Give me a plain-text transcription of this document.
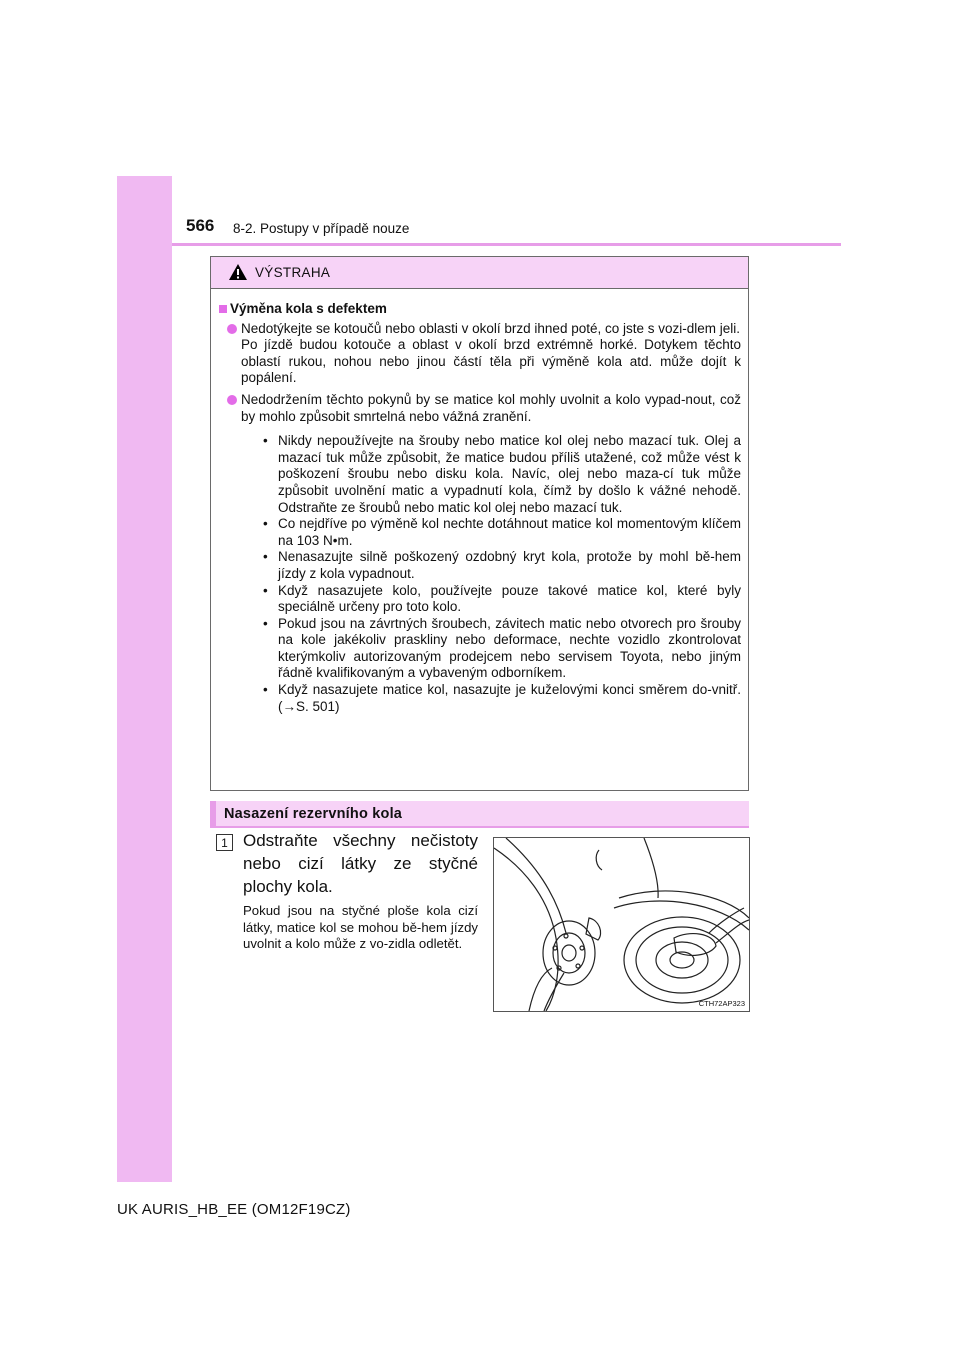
566 8-2. Postupy v případě nouze
VÝSTRAHA
Výměna kola s defektem
Nedotýkejte se kotoučů nebo oblasti v okolí brzd ihned poté, co jste s vozi-dlem jeli.
Po jízdě budou kotouče a oblast v okolí brzd extrémně horké. Dotykem těchto oblastí rukou, nohou nebo jinou částí těla při výměně kola atd. může dojít k popálení.
Nedodržením těchto pokynů by se matice kol mohly uvolnit a kolo vypad-nout, což by mohlo způsobit smrtelná nebo vážná zranění.
• Nikdy nepoužívejte na šrouby nebo matice kol olej nebo mazací tuk. Olej a mazací tuk může způsobit, že matice budou příliš utažené, což může vést k poškození šroubu nebo disku kola. Navíc, olej nebo maza-cí tuk může způsobit uvolnění matic a vypadnutí kola, čímž by došlo k vážné nehodě. Odstraňte ze šroubů nebo matic kol olej nebo mazací tuk.
• Co nejdříve po výměně kol nechte dotáhnout matice kol momentovým klíčem na 103 N•m.
• Nenasazujte silně poškozený ozdobný kryt kola, protože by mohl bě-hem jízdy z kola vypadnout.
• Když nasazujete kolo, používejte pouze takové matice kol, které byly speciálně určeny pro toto kolo.
• Pokud jsou na závrtných šroubech, závitech matic nebo otvorech pro šrouby na kole jakékoliv praskliny nebo deformace, nechte vozidlo zkontrolovat kterýmkoliv autorizovaným prodejcem nebo servisem Toyota, nebo jiným řádně kvalifikovaným a vybaveným odborníkem.
• Když nasazujete matice kol, nasazujte je kuželovými konci směrem do-vnitř. (→S. 501)
Nasazení rezervního kola
1 Odstraňte všechny nečistoty nebo cizí látky ze styčné plochy kola.
Pokud jsou na styčné ploše kola cizí látky, matice kol se mohou bě-hem jízdy uvolnit a kolo může z vo-zidla odletět.
CTH72AP323
UK AURIS_HB_EE (OM12F19CZ)
